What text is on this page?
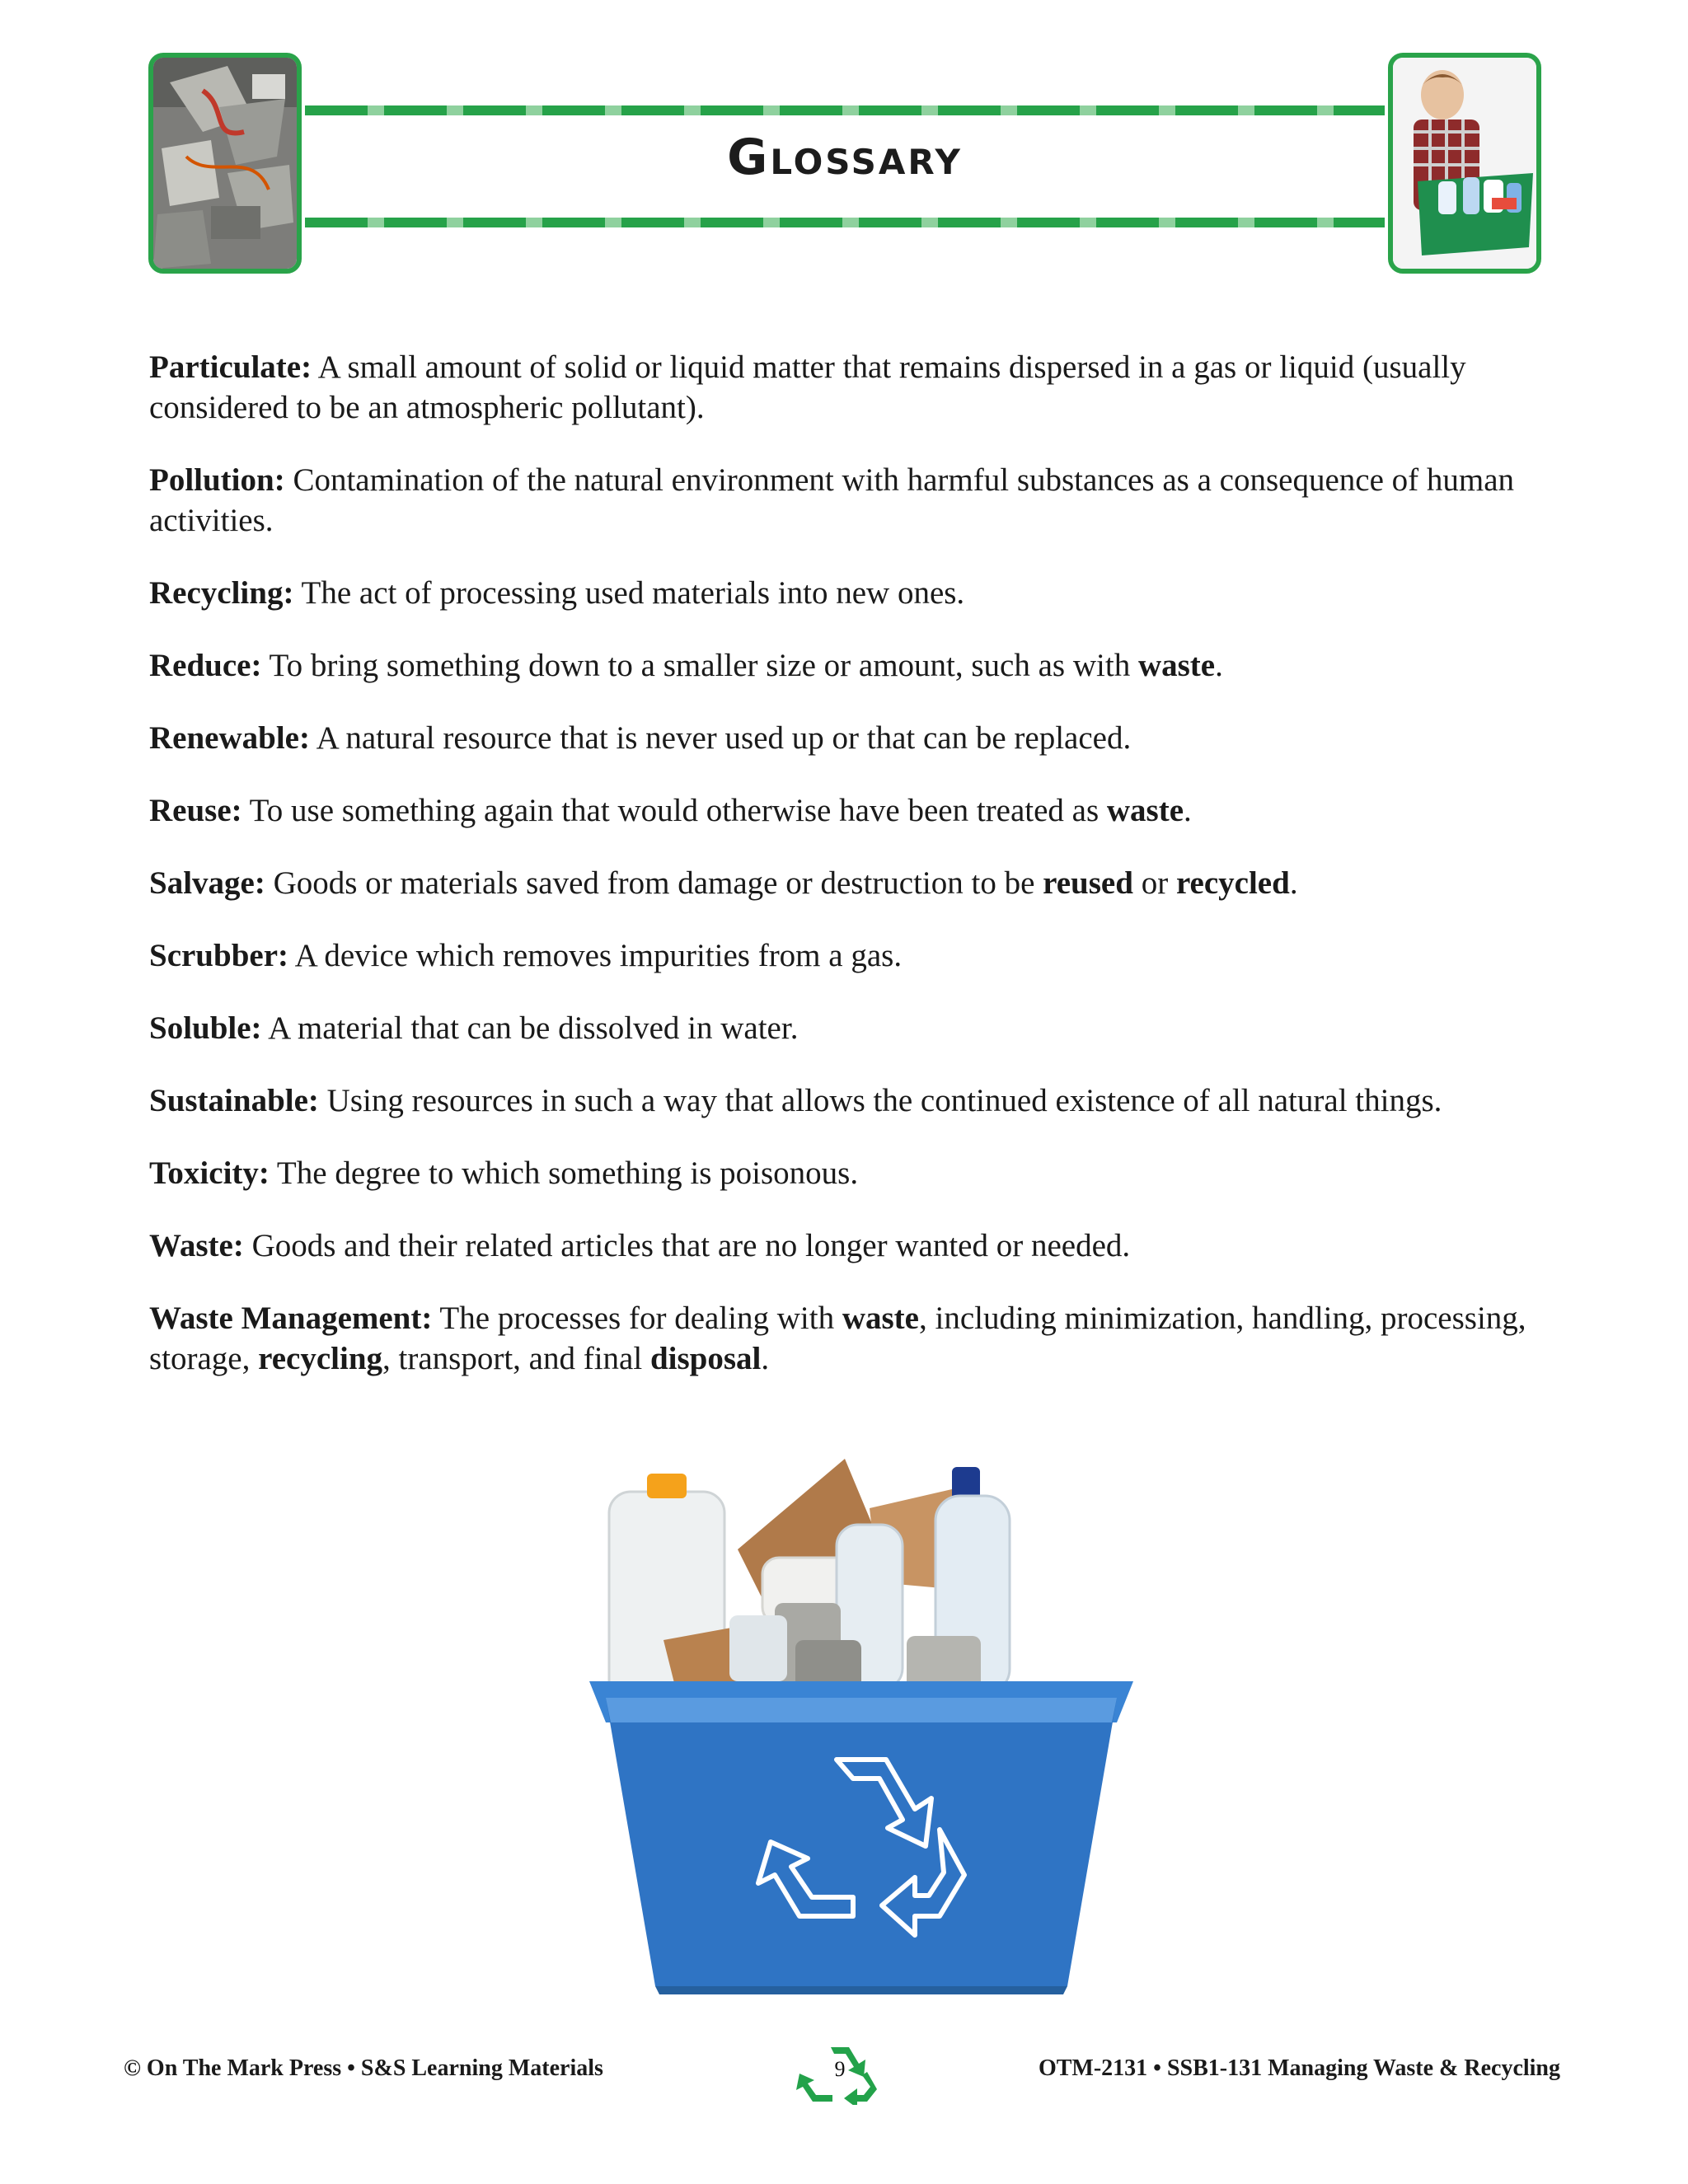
Glossary

Particulate: A small amount of solid or liquid matter that remains dispersed in a gas or liquid (usually considered to be an atmospheric pollutant).

Pollution: Contamination of the natural environment with harmful substances as a consequence of human activities.

Recycling: The act of processing used materials into new ones.

Reduce: To bring something down to a smaller size or amount, such as with waste.

Renewable: A natural resource that is never used up or that can be replaced.

Reuse: To use something again that would otherwise have been treated as waste.

Salvage: Goods or materials saved from damage or destruction to be reused or recycled.

Scrubber: A device which removes impurities from a gas.

Soluble: A material that can be dissolved in water.

Sustainable: Using resources in such a way that allows the continued existence of all natural things.

Toxicity: The degree to which something is poisonous.

Waste: Goods and their related articles that are no longer wanted or needed.

Waste Management: The processes for dealing with waste, including minimization, handling, processing, storage, recycling, transport, and final disposal.

© On The Mark Press • S&S Learning Materials	9	OTM-2131 • SSB1-131 Managing Waste & Recycling
